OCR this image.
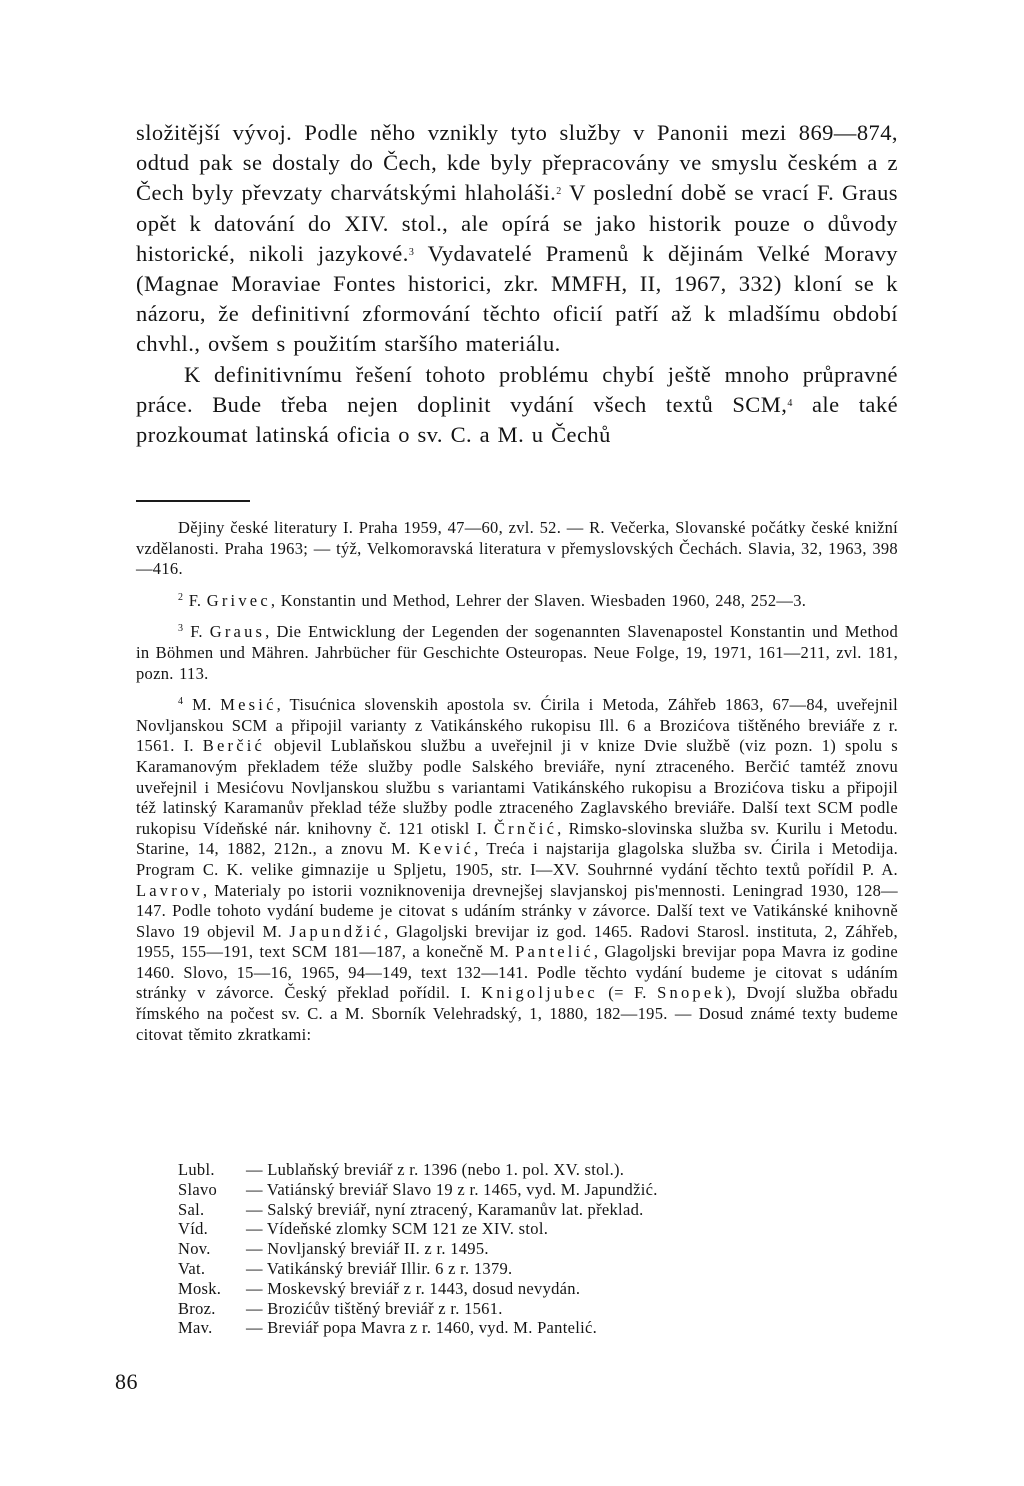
složitější vývoj. Podle něho vznikly tyto služby v Panonii mezi 869—874, odtud pak se dostaly do Čech, kde byly přepracovány ve smyslu českém a z Čech byly převzaty charvátskými hlaholáši.$^2$ V poslední době se vrací F. Graus opět k datování do XIV. stol., ale opírá se jako historik pouze o důvody historické, nikoli jazykové.$^3$ Vydavatelé Pramenů k dějinám Velké Moravy (Magnae Moraviae Fontes historici, zkr. MMFH, II, 1967, 332) kloní se k názoru, že definitivní zformování těchto oficií patří až k mladšímu období chvhl., ovšem s použitím staršího materiálu.

K definitivnímu řešení tohoto problému chybí ještě mnoho průpravné práce. Bude třeba nejen doplinit vydání všech textů SCM,$^4$ ale také prozkoumat latinská oficia o sv. C. a M. u Čechů

Dějiny české literatury I. Praha 1959, 47—60, zvl. 52. — R. Večerka, Slovanské počátky české knižní vzdělanosti. Praha 1963; — týž, Velkomoravská literatura v přemyslovských Čechách. Slavia, 32, 1963, 398—416.

$^2$ F. Grivec, Konstantin und Method, Lehrer der Slaven. Wiesbaden 1960, 248, 252—3.

$^3$ F. Graus, Die Entwicklung der Legenden der sogenannten Slavenapostel Konstantin und Method in Böhmen und Mähren. Jahrbücher für Geschichte Osteuropas. Neue Folge, 19, 1971, 161—211, zvl. 181, pozn. 113.

$^4$ M. Mesić, Tisućnica slovenskih apostola sv. Ćirila i Metoda, Záhřeb 1863, 67—84, uveřejnil Novljanskou SCM a připojil varianty z Vatikánského rukopisu Ill. 6 a Brozićova tištěného breviáře z r. 1561. I. Berčić objevil Lublaňskou službu a uveřejnil ji v knize Dvie službě (viz pozn. 1) spolu s Karamanovým překladem téže služby podle Salského breviáře, nyní ztraceného. Berčić tamtéž znovu uveřejnil i Mesićovu Novljanskou službu s variantami Vatikánského rukopisu a Brozićova tisku a připojil též latinský Karamanův překlad téže služby podle ztraceného Zaglavského breviáře. Další text SCM podle rukopisu Vídeňské nár. knihovny č. 121 otiskl I. Črnčić, Rimsko-slovinska služba sv. Kurilu i Metodu. Starine, 14, 1882, 212n., a znovu M. Kević, Treća i najstarija glagolska služba sv. Ćirila i Metodija. Program C. K. velike gimnazije u Spljetu, 1905, str. I—XV. Souhrnné vydání těchto textů pořídil P. A. Lavrov, Materialy po istorii vozniknovenija drevnejšej slavjanskoj pis'mennosti. Leningrad 1930, 128—147. Podle tohoto vydání budeme je citovat s udáním stránky v závorce. Další text ve Vatikánské knihovně Slavo 19 objevil M. Japundžić, Glagoljski brevijar iz god. 1465. Radovi Starosl. instituta, 2, Záhřeb, 1955, 155—191, text SCM 181—187, a konečně M. Pantelić, Glagoljski brevijar popa Mavra iz godine 1460. Slovo, 15—16, 1965, 94—149, text 132—141. Podle těchto vydání budeme je citovat s udáním stránky v závorce. Český překlad pořídil. I. Knigoljubec (= F. Snopek), Dvojí služba obřadu římského na počest sv. C. a M. Sborník Velehradský, 1, 1880, 182—195. — Dosud známé texty budeme citovat těmito zkratkami:

Lubl.	— Lublaňský breviář z r. 1396 (nebo 1. pol. XV. stol.).
Slavo	— Vatiánský breviář Slavo 19 z r. 1465, vyd. M. Japundžić.
Sal.	— Salský breviář, nyní ztracený, Karamanův lat. překlad.
Víd.	— Vídeňské zlomky SCM 121 ze XIV. stol.
Nov.	— Novljanský breviář II. z r. 1495.
Vat.	— Vatikánský breviář Illir. 6 z r. 1379.
Mosk.	— Moskevský breviář z r. 1443, dosud nevydán.
Broz.	— Brozićův tištěný breviář z r. 1561.
Mav.	— Breviář popa Mavra z r. 1460, vyd. M. Pantelić.
86
